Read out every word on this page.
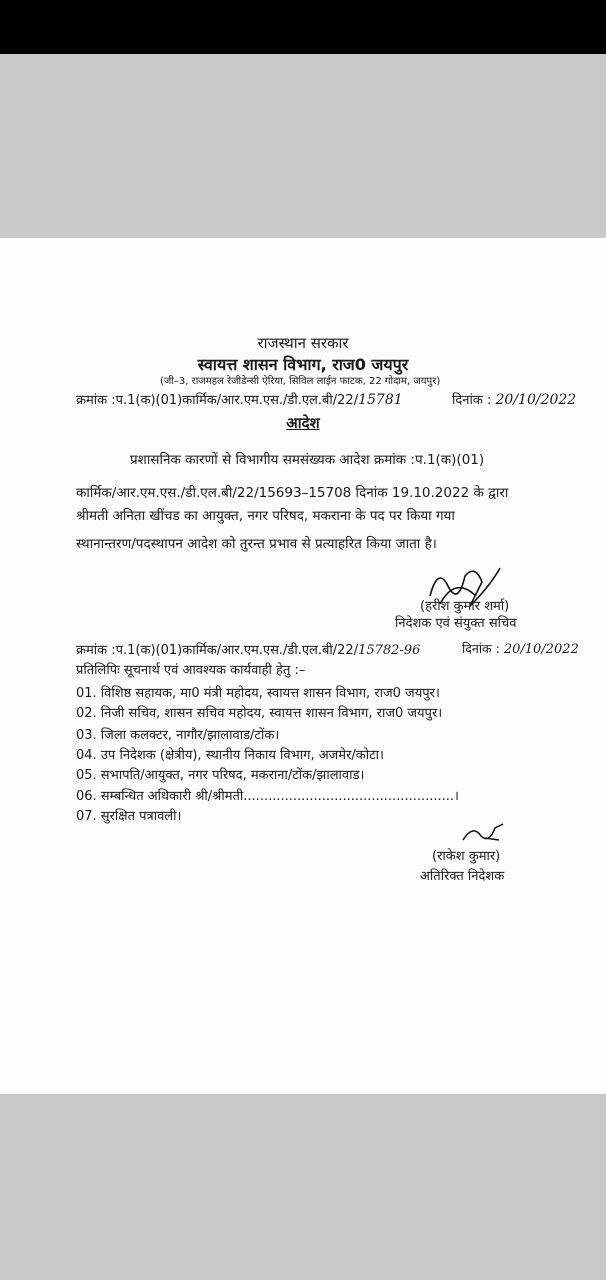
राजस्थान सरकार
स्वायत्त शासन विभाग, राज0 जयपुर
(जी–3, राजमहल रेजीडेन्सी ऐरिया, सिविल लाईन फाटक, 22 गोदाम, जयपुर)
क्रमांक :प.1(क)(01)कार्मिक/आर.एम.एस./डी.एल.बी/22/15781	दिनांक : 20/10/2022
आदेश
प्रशासनिक कारणों से विभागीय समसंख्यक आदेश क्रमांक :प.1(क)(01)
कार्मिक/आर.एम.एस./डी.एल.बी/22/15693–15708 दिनांक 19.10.2022 के द्वारा
श्रीमती अनिता खींचड का आयुक्त, नगर परिषद, मकराना के पद पर किया गया
स्थानान्तरण/पदस्थापन आदेश को तुरन्त प्रभाव से प्रत्याहरित किया जाता है।
(हरीश कुमार शर्मा)
निदेशक एवं संयुक्त सचिव
क्रमांक :प.1(क)(01)कार्मिक/आर.एम.एस./डी.एल.बी/22/15782-96	दिनांक : 20/10/2022
प्रतिलिपिः सूचनार्थ एवं आवश्यक कार्यवाही हेतु :–
01. विशिष्ठ सहायक, मा0 मंत्री महोदय, स्वायत्त शासन विभाग, राज0 जयपुर।
02. निजी सचिव, शासन सचिव महोदय, स्वायत्त शासन विभाग, राज0 जयपुर।
03. जिला कलक्टर, नागौर/झालावाड/टोंक।
04. उप निदेशक (क्षेत्रीय), स्थानीय निकाय विभाग, अजमेर/कोटा।
05. सभापति/आयुक्त, नगर परिषद, मकराना/टोंक/झालावाड।
06. सम्बन्धित अधिकारी श्री/श्रीमती...................................................।
07. सुरक्षित पत्रावली।
(राकेश कुमार)
अतिरिक्त निदेशक
